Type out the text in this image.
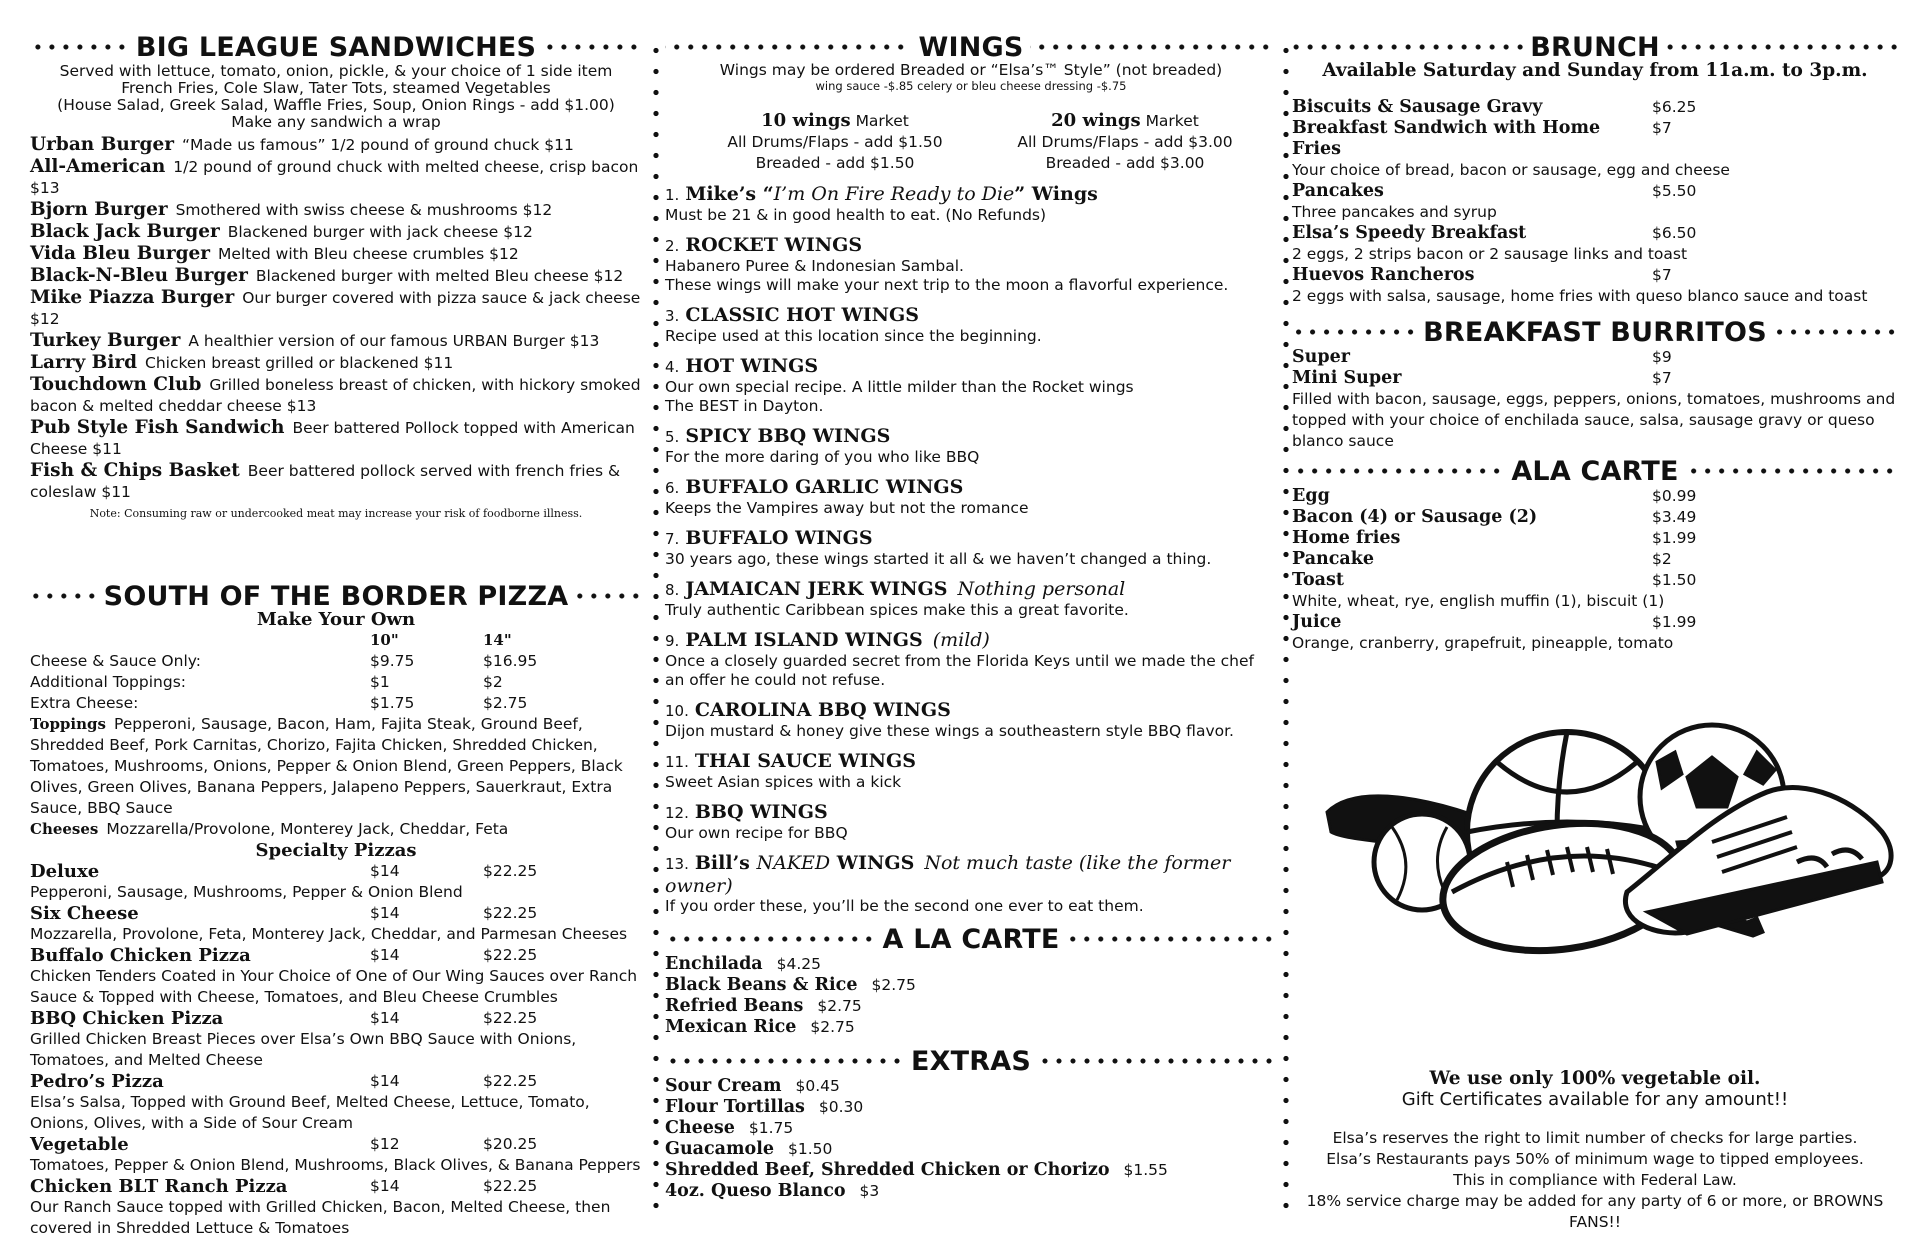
BIG LEAGUE SANDWICHES
Served with lettuce, tomato, onion, pickle, & your choice of 1 side item
French Fries, Cole Slaw, Tater Tots, steamed Vegetables
(House Salad, Greek Salad, Waffle Fries, Soup, Onion Rings - add $1.00)
Make any sandwich a wrap
Urban Burger “Made us famous” 1/2 pound of ground chuck $11
All-American 1/2 pound of ground chuck with melted cheese, crisp bacon $13
Bjorn Burger Smothered with swiss cheese & mushrooms $12
Black Jack Burger Blackened burger with jack cheese $12
Vida Bleu Burger Melted with Bleu cheese crumbles $12
Black-N-Bleu Burger Blackened burger with melted Bleu cheese $12
Mike Piazza Burger Our burger covered with pizza sauce & jack cheese $12
Turkey Burger A healthier version of our famous URBAN Burger $13
Larry Bird Chicken breast grilled or blackened $11
Touchdown Club Grilled boneless breast of chicken, with hickory smoked bacon & melted cheddar cheese $13
Pub Style Fish Sandwich Beer battered Pollock topped with American Cheese $11
Fish & Chips Basket Beer battered pollock served with french fries & coleslaw $11
Note: Consuming raw or undercooked meat may increase your risk of foodborne illness.
SOUTH OF THE BORDER PIZZA
Make Your Own
10"	14"
Cheese & Sauce Only:	$9.75	$16.95
Additional Toppings:	$1	$2
Extra Cheese:	$1.75	$2.75
Toppings Pepperoni, Sausage, Bacon, Ham, Fajita Steak, Ground Beef, Shredded Beef, Pork Carnitas, Chorizo, Fajita Chicken, Shredded Chicken, Tomatoes, Mushrooms, Onions, Pepper & Onion Blend, Green Peppers, Black Olives, Green Olives, Banana Peppers, Jalapeno Peppers, Sauerkraut, Extra Sauce, BBQ Sauce
Cheeses Mozzarella/Provolone, Monterey Jack, Cheddar, Feta
Specialty Pizzas
Deluxe	$14	$22.25
Pepperoni, Sausage, Mushrooms, Pepper & Onion Blend
Six Cheese	$14	$22.25
Mozzarella, Provolone, Feta, Monterey Jack, Cheddar, and Parmesan Cheeses
Buffalo Chicken Pizza	$14	$22.25
Chicken Tenders Coated in Your Choice of One of Our Wing Sauces over Ranch Sauce & Topped with Cheese, Tomatoes, and Bleu Cheese Crumbles
BBQ Chicken Pizza	$14	$22.25
Grilled Chicken Breast Pieces over Elsa’s Own BBQ Sauce with Onions, Tomatoes, and Melted Cheese
Pedro’s Pizza	$14	$22.25
Elsa’s Salsa, Topped with Ground Beef, Melted Cheese, Lettuce, Tomato, Onions, Olives, with a Side of Sour Cream
Vegetable	$12	$20.25
Tomatoes, Pepper & Onion Blend, Mushrooms, Black Olives, & Banana Peppers
Chicken BLT Ranch Pizza	$14	$22.25
Our Ranch Sauce topped with Grilled Chicken, Bacon, Melted Cheese, then covered in Shredded Lettuce & Tomatoes
WINGS
Wings may be ordered Breaded or “Elsa’s™ Style” (not breaded)
wing sauce -$.85 celery or bleu cheese dressing -$.75
10 wings Market
All Drums/Flaps - add $1.50
Breaded - add $1.50
20 wings Market
All Drums/Flaps - add $3.00
Breaded - add $3.00
1. Mike’s “I’m On Fire Ready to Die” Wings
Must be 21 & in good health to eat. (No Refunds)
2. ROCKET WINGS
Habanero Puree & Indonesian Sambal.
These wings will make your next trip to the moon a flavorful experience.
3. CLASSIC HOT WINGS
Recipe used at this location since the beginning.
4. HOT WINGS
Our own special recipe. A little milder than the Rocket wings
The BEST in Dayton.
5. SPICY BBQ WINGS
For the more daring of you who like BBQ
6. BUFFALO GARLIC WINGS
Keeps the Vampires away but not the romance
7. BUFFALO WINGS
30 years ago, these wings started it all & we haven’t changed a thing.
8. JAMAICAN JERK WINGS Nothing personal
Truly authentic Caribbean spices make this a great favorite.
9. PALM ISLAND WINGS (mild)
Once a closely guarded secret from the Florida Keys until we made the chef an offer he could not refuse.
10. CAROLINA BBQ WINGS
Dijon mustard & honey give these wings a southeastern style BBQ flavor.
11. THAI SAUCE WINGS
Sweet Asian spices with a kick
12. BBQ WINGS
Our own recipe for BBQ
13. Bill’s NAKED WINGS Not much taste (like the former owner)
If you order these, you’ll be the second one ever to eat them.
A LA CARTE
Enchilada $4.25
Black Beans & Rice $2.75
Refried Beans $2.75
Mexican Rice $2.75
EXTRAS
Sour Cream $0.45
Flour Tortillas $0.30
Cheese $1.75
Guacamole $1.50
Shredded Beef, Shredded Chicken or Chorizo $1.55
4oz. Queso Blanco $3
BRUNCH
Available Saturday and Sunday from 11a.m. to 3p.m.
Biscuits & Sausage Gravy	$6.25
Breakfast Sandwich with Home Fries
$7
Your choice of bread, bacon or sausage, egg and cheese
Pancakes	$5.50
Three pancakes and syrup
Elsa’s Speedy Breakfast	$6.50
2 eggs, 2 strips bacon or 2 sausage links and toast
Huevos Rancheros	$7
2 eggs with salsa, sausage, home fries with queso blanco sauce and toast
BREAKFAST BURRITOS
Super	$9
Mini Super	$7
Filled with bacon, sausage, eggs, peppers, onions, tomatoes, mushrooms and topped with your choice of enchilada sauce, salsa, sausage gravy or queso blanco sauce
ALA CARTE
Egg	$0.99
Bacon (4) or Sausage (2)	$3.49
Home fries	$1.99
Pancake	$2
Toast	$1.50
White, wheat, rye, english muffin (1), biscuit (1)
Juice	$1.99
Orange, cranberry, grapefruit, pineapple, tomato
We use only 100% vegetable oil.
Gift Certificates available for any amount!!
Elsa’s reserves the right to limit number of checks for large parties.
Elsa’s Restaurants pays 50% of minimum wage to tipped employees.
This in compliance with Federal Law.
18% service charge may be added for any party of 6 or more, or BROWNS FANS!!
